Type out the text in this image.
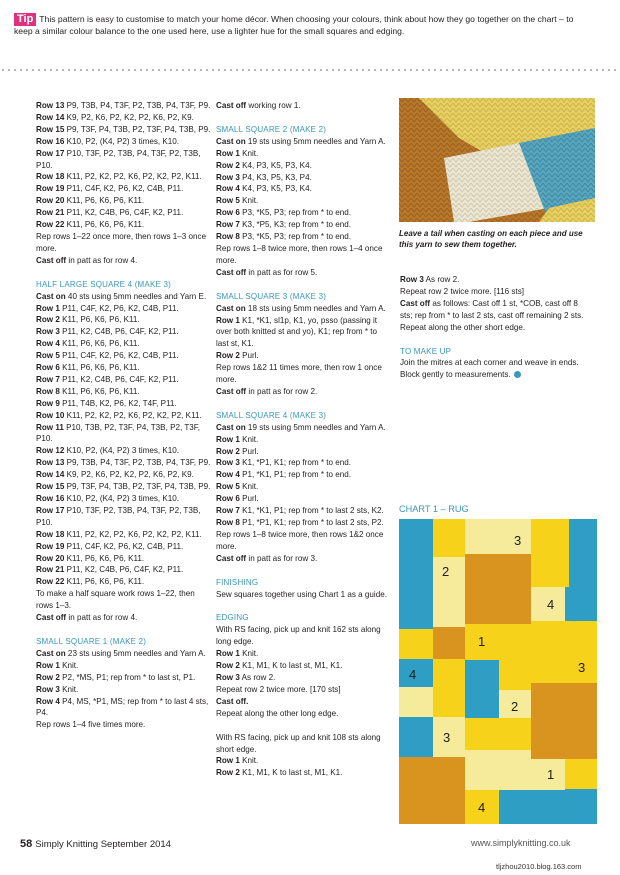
Tip This pattern is easy to customise to match your home décor. When choosing your colours, think about how they go together on the chart – to keep a similar colour balance to the one used here, use a lighter hue for the small squares and edging.

Row 13 P9, T3B, P4, T3F, P2, T3B, P4, T3F, P9.

Row 14 K9, P2, K6, P2, K2, P2, K6, P2, K9.

Row 15 P9, T3F, P4, T3B, P2, T3F, P4, T3B, P9.

Row 16 K10, P2, (K4, P2) 3 times, K10.

Row 17 P10, T3F, P2, T3B, P4, T3F, P2, T3B, P10.

Row 18 K11, P2, K2, P2, K6, P2, K2, P2, K11.

Row 19 P11, C4F, K2, P6, K2, C4B, P11.

Row 20 K11, P6, K6, P6, K11.

Row 21 P11, K2, C4B, P6, C4F, K2, P11.

Row 22 K11, P6, K6, P6, K11.

Rep rows 1–22 once more, then rows 1–3 once more.

Cast off in patt as for row 4.

HALF LARGE SQUARE 4 (MAKE 3)

Cast on 40 sts using 5mm needles and Yarn E.

Row 1 P11, C4F, K2, P6, K2, C4B, P11.

Row 2 K11, P6, K6, P6, K11.

Row 3 P11, K2, C4B, P6, C4F, K2, P11.

Row 4 K11, P6, K6, P6, K11.

Row 5 P11, C4F, K2, P6, K2, C4B, P11.

Row 6 K11, P6, K6, P6, K11.

Row 7 P11, K2, C4B, P6, C4F, K2, P11.

Row 8 K11, P6, K6, P6, K11.

Row 9 P11, T4B, K2, P6, K2, T4F, P11.

Row 10 K11, P2, K2, P2, K6, P2, K2, P2, K11.

Row 11 P10, T3B, P2, T3F, P4, T3B, P2, T3F, P10.

Row 12 K10, P2, (K4, P2) 3 times, K10.

Row 13 P9, T3B, P4, T3F, P2, T3B, P4, T3F, P9.

Row 14 K9, P2, K6, P2, K2, P2, K6, P2, K9.

Row 15 P9, T3F, P4, T3B, P2, T3F, P4, T3B, P9.

Row 16 K10, P2, (K4, P2) 3 times, K10.

Row 17 P10, T3F, P2, T3B, P4, T3F, P2, T3B, P10.

Row 18 K11, P2, K2, P2, K6, P2, K2, P2, K11.

Row 19 P11, C4F, K2, P6, K2, C4B, P11.

Row 20 K11, P6, K6, P6, K11.

Row 21 P11, K2, C4B, P6, C4F, K2, P11.

Row 22 K11, P6, K6, P6, K11.

To make a half square work rows 1–22, then rows 1–3.

Cast off in patt as for row 4.

SMALL SQUARE 1 (MAKE 2)

Cast on 23 sts using 5mm needles and Yarn A.

Row 1 Knit.

Row 2 P2, *MS, P1; rep from * to last st, P1.

Row 3 Knit.

Row 4 P4, MS, *P1, MS; rep from * to last 4 sts, P4.

Rep rows 1–4 five times more.

Cast off working row 1.

SMALL SQUARE 2 (MAKE 2)

Cast on 19 sts using 5mm needles and Yarn A.

Row 1 Knit.

Row 2 K4, P3, K5, P3, K4.

Row 3 P4, K3, P5, K3, P4.

Row 4 K4, P3, K5, P3, K4.

Row 5 Knit.

Row 6 P3, *K5, P3; rep from * to end.

Row 7 K3, *P5, K3; rep from * to end.

Row 8 P3, *K5, P3; rep from * to end.

Rep rows 1–8 twice more, then rows 1–4 once more.

Cast off in patt as for row 5.

SMALL SQUARE 3 (MAKE 3)

Cast on 18 sts using 5mm needles and Yarn A.

Row 1 K1, *K1, sl1p, K1, yo, psso (passing it over both knitted st and yo), K1; rep from * to last st, K1.

Row 2 Purl.

Rep rows 1&2 11 times more, then row 1 once more.

Cast off in patt as for row 2.

SMALL SQUARE 4 (MAKE 3)

Cast on 19 sts using 5mm needles and Yarn A.

Row 1 Knit.

Row 2 Purl.

Row 3 K1, *P1, K1; rep from * to end.

Row 4 P1, *K1, P1; rep from * to end.

Row 5 Knit.

Row 6 Purl.

Row 7 K1, *K1, P1; rep from * to last 2 sts, K2.

Row 8 P1, *P1, K1; rep from * to last 2 sts, P2.

Rep rows 1–8 twice more, then rows 1&2 once more.

Cast off in patt as for row 3.

FINISHING

Sew squares together using Chart 1 as a guide.

EDGING

With RS facing, pick up and knit 162 sts along long edge.

Row 1 Knit.

Row 2 K1, M1, K to last st, M1, K1.

Row 3 As row 2.

Repeat row 2 twice more. [170 sts]

Cast off.

Repeat along the other long edge.

With RS facing, pick up and knit 108 sts along short edge.

Row 1 Knit.

Row 2 K1, M1, K to last st, M1, K1.

Leave a tail when casting on each piece and use this yarn to sew them together.

Row 3 As row 2.

Repeat row 2 twice more. [116 sts]

Cast off as follows: Cast off 1 st, *COB, cast off 8 sts; rep from * to last 2 sts, cast off remaining 2 sts.

Repeat along the other short edge.

TO MAKE UP

Join the mitres at each corner and weave in ends. Block gently to measurements.

CHART 1 – RUG
3
2
4
1
4	3
2
3
1
4
58 Simply Knitting September 2014	www.simplyknitting.co.uk
tljzhou2010.blog.163.com
